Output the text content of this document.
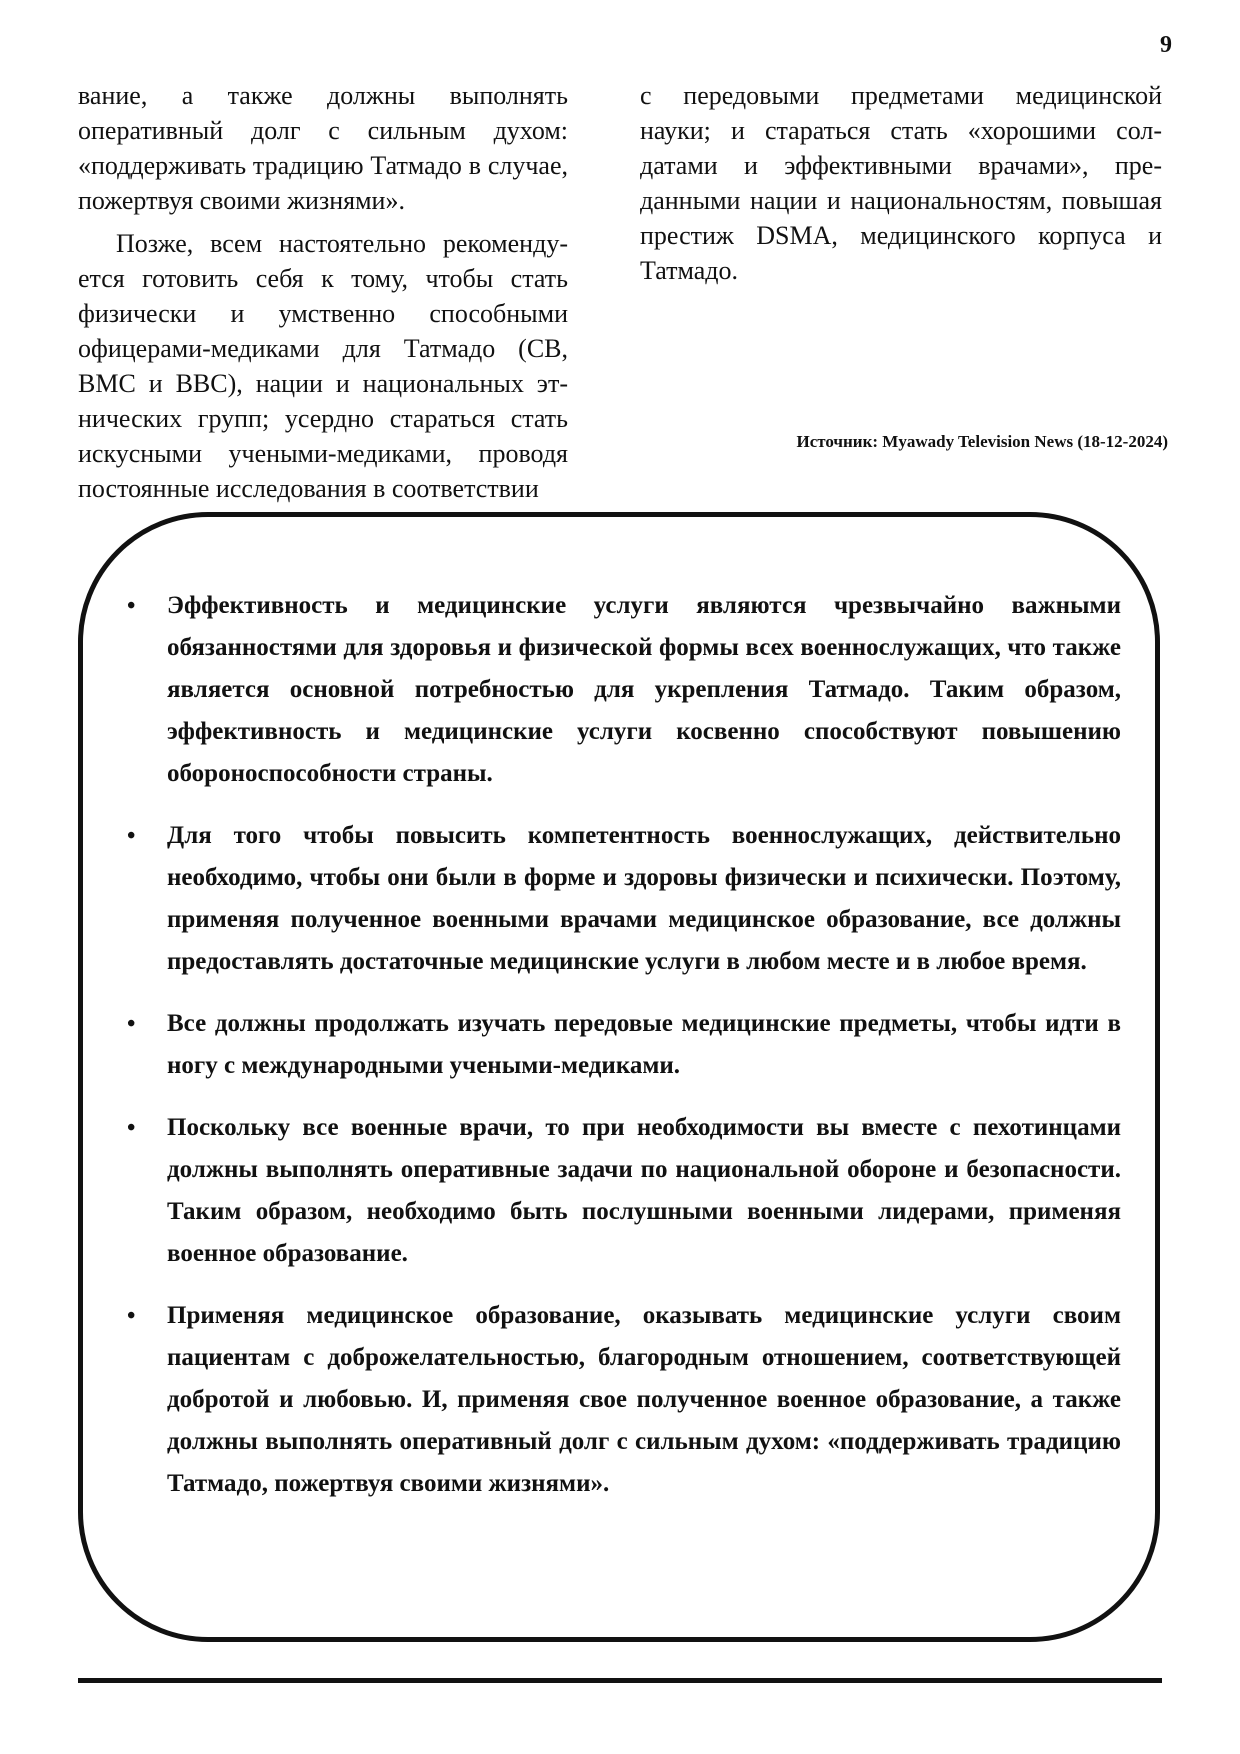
9

вание, а также должны выполнять оперативный долг с сильным духом: «поддерживать традицию Татмадо в случае, пожертвуя своими жизнями».

Позже, всем настоятельно рекомендуется готовить себя к тому, чтобы стать физически и умственно способными офицерами-медиками для Татмадо (СВ, ВМС и ВВС), нации и национальных этнических групп; усердно стараться стать искусными учеными-медиками, проводя постоянные исследования в соответствии

с передовыми предметами медицинской науки; и стараться стать «хорошими солдатами и эффективными врачами», преданными нации и национальностям, повышая престиж DSMA, медицинского корпуса и Татмадо.

Источник: Myawady Television News (18-12-2024)
• Эффективность и медицинские услуги являются чрезвычайно важными обязанностями для здоровья и физической формы всех военнослужащих, что также является основной потребностью для укрепления Татмадо. Таким образом, эффективность и медицинские услуги косвенно способствуют повышению обороноспособности страны.
• Для того чтобы повысить компетентность военнослужащих, действительно необходимо, чтобы они были в форме и здоровы физически и психически. Поэтому, применяя полученное военными врачами медицинское образование, все должны предоставлять достаточные медицинские услуги в любом месте и в любое время.
• Все должны продолжать изучать передовые медицинские предметы, чтобы идти в ногу с международными учеными-медиками.
• Поскольку все военные врачи, то при необходимости вы вместе с пехотинцами должны выполнять оперативные задачи по национальной обороне и безопасности. Таким образом, необходимо быть послушными военными лидерами, применяя военное образование.
• Применяя медицинское образование, оказывать медицинские услуги своим пациентам с доброжелательностью, благородным отношением, соответствующей добротой и любовью. И, применяя свое полученное военное образование, а также должны выполнять оперативный долг с сильным духом: «поддерживать традицию Татмадо, пожертвуя своими жизнями».
